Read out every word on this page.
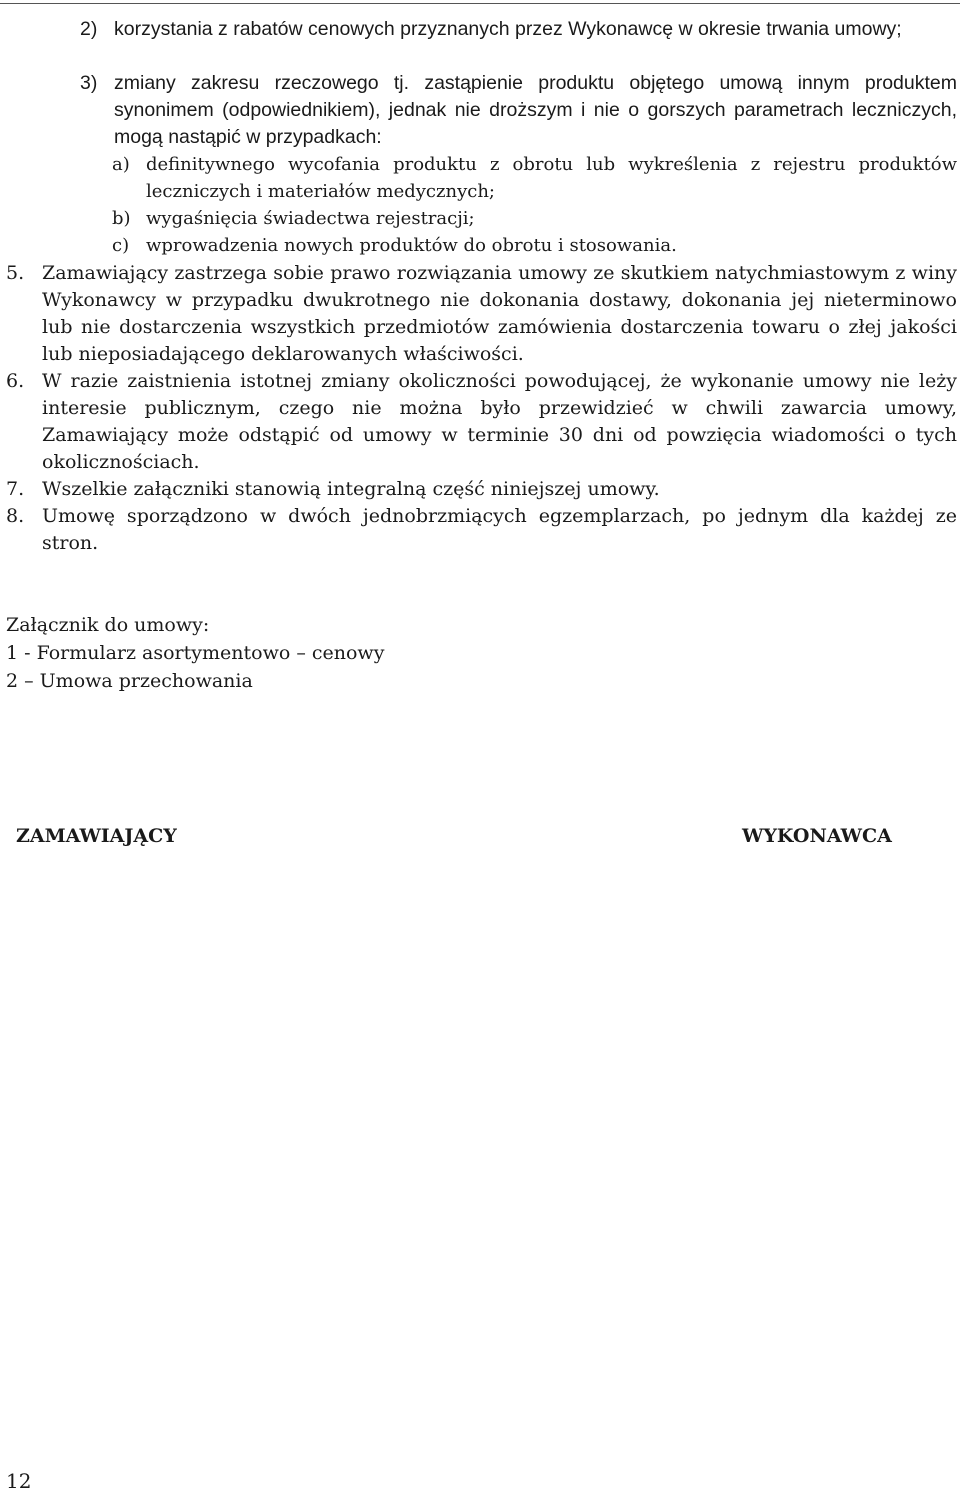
2) korzystania z rabatów cenowych przyznanych przez Wykonawcę w okresie trwania umowy;
3) zmiany zakresu rzeczowego tj. zastąpienie produktu objętego umową innym produktem synonimem (odpowiednikiem), jednak nie droższym i nie o gorszych parametrach leczniczych, mogą nastąpić w przypadkach:
a) definitywnego wycofania produktu z obrotu lub wykreślenia z rejestru produktów leczniczych i materiałów medycznych;
b) wygaśnięcia świadectwa rejestracji;
c) wprowadzenia nowych produktów do obrotu i stosowania.
5. Zamawiający zastrzega sobie prawo rozwiązania umowy ze skutkiem natychmiastowym z winy Wykonawcy w przypadku dwukrotnego nie dokonania dostawy, dokonania jej nieterminowo lub nie dostarczenia wszystkich przedmiotów zamówienia dostarczenia towaru o złej jakości lub nieposiadającego deklarowanych właściwości.
6. W razie zaistnienia istotnej zmiany okoliczności powodującej, że wykonanie umowy nie leży interesie publicznym, czego nie można było przewidzieć w chwili zawarcia umowy, Zamawiający może odstąpić od umowy w terminie 30 dni od powzięcia wiadomości o tych okolicznościach.
7. Wszelkie załączniki stanowią integralną część niniejszej umowy.
8. Umowę sporządzono w dwóch jednobrzmiących egzemplarzach, po jednym dla każdej ze stron.
Załącznik do umowy:
1 - Formularz asortymentowo – cenowy
2 – Umowa przechowania
ZAMAWIAJĄCY	WYKONAWCA
12
